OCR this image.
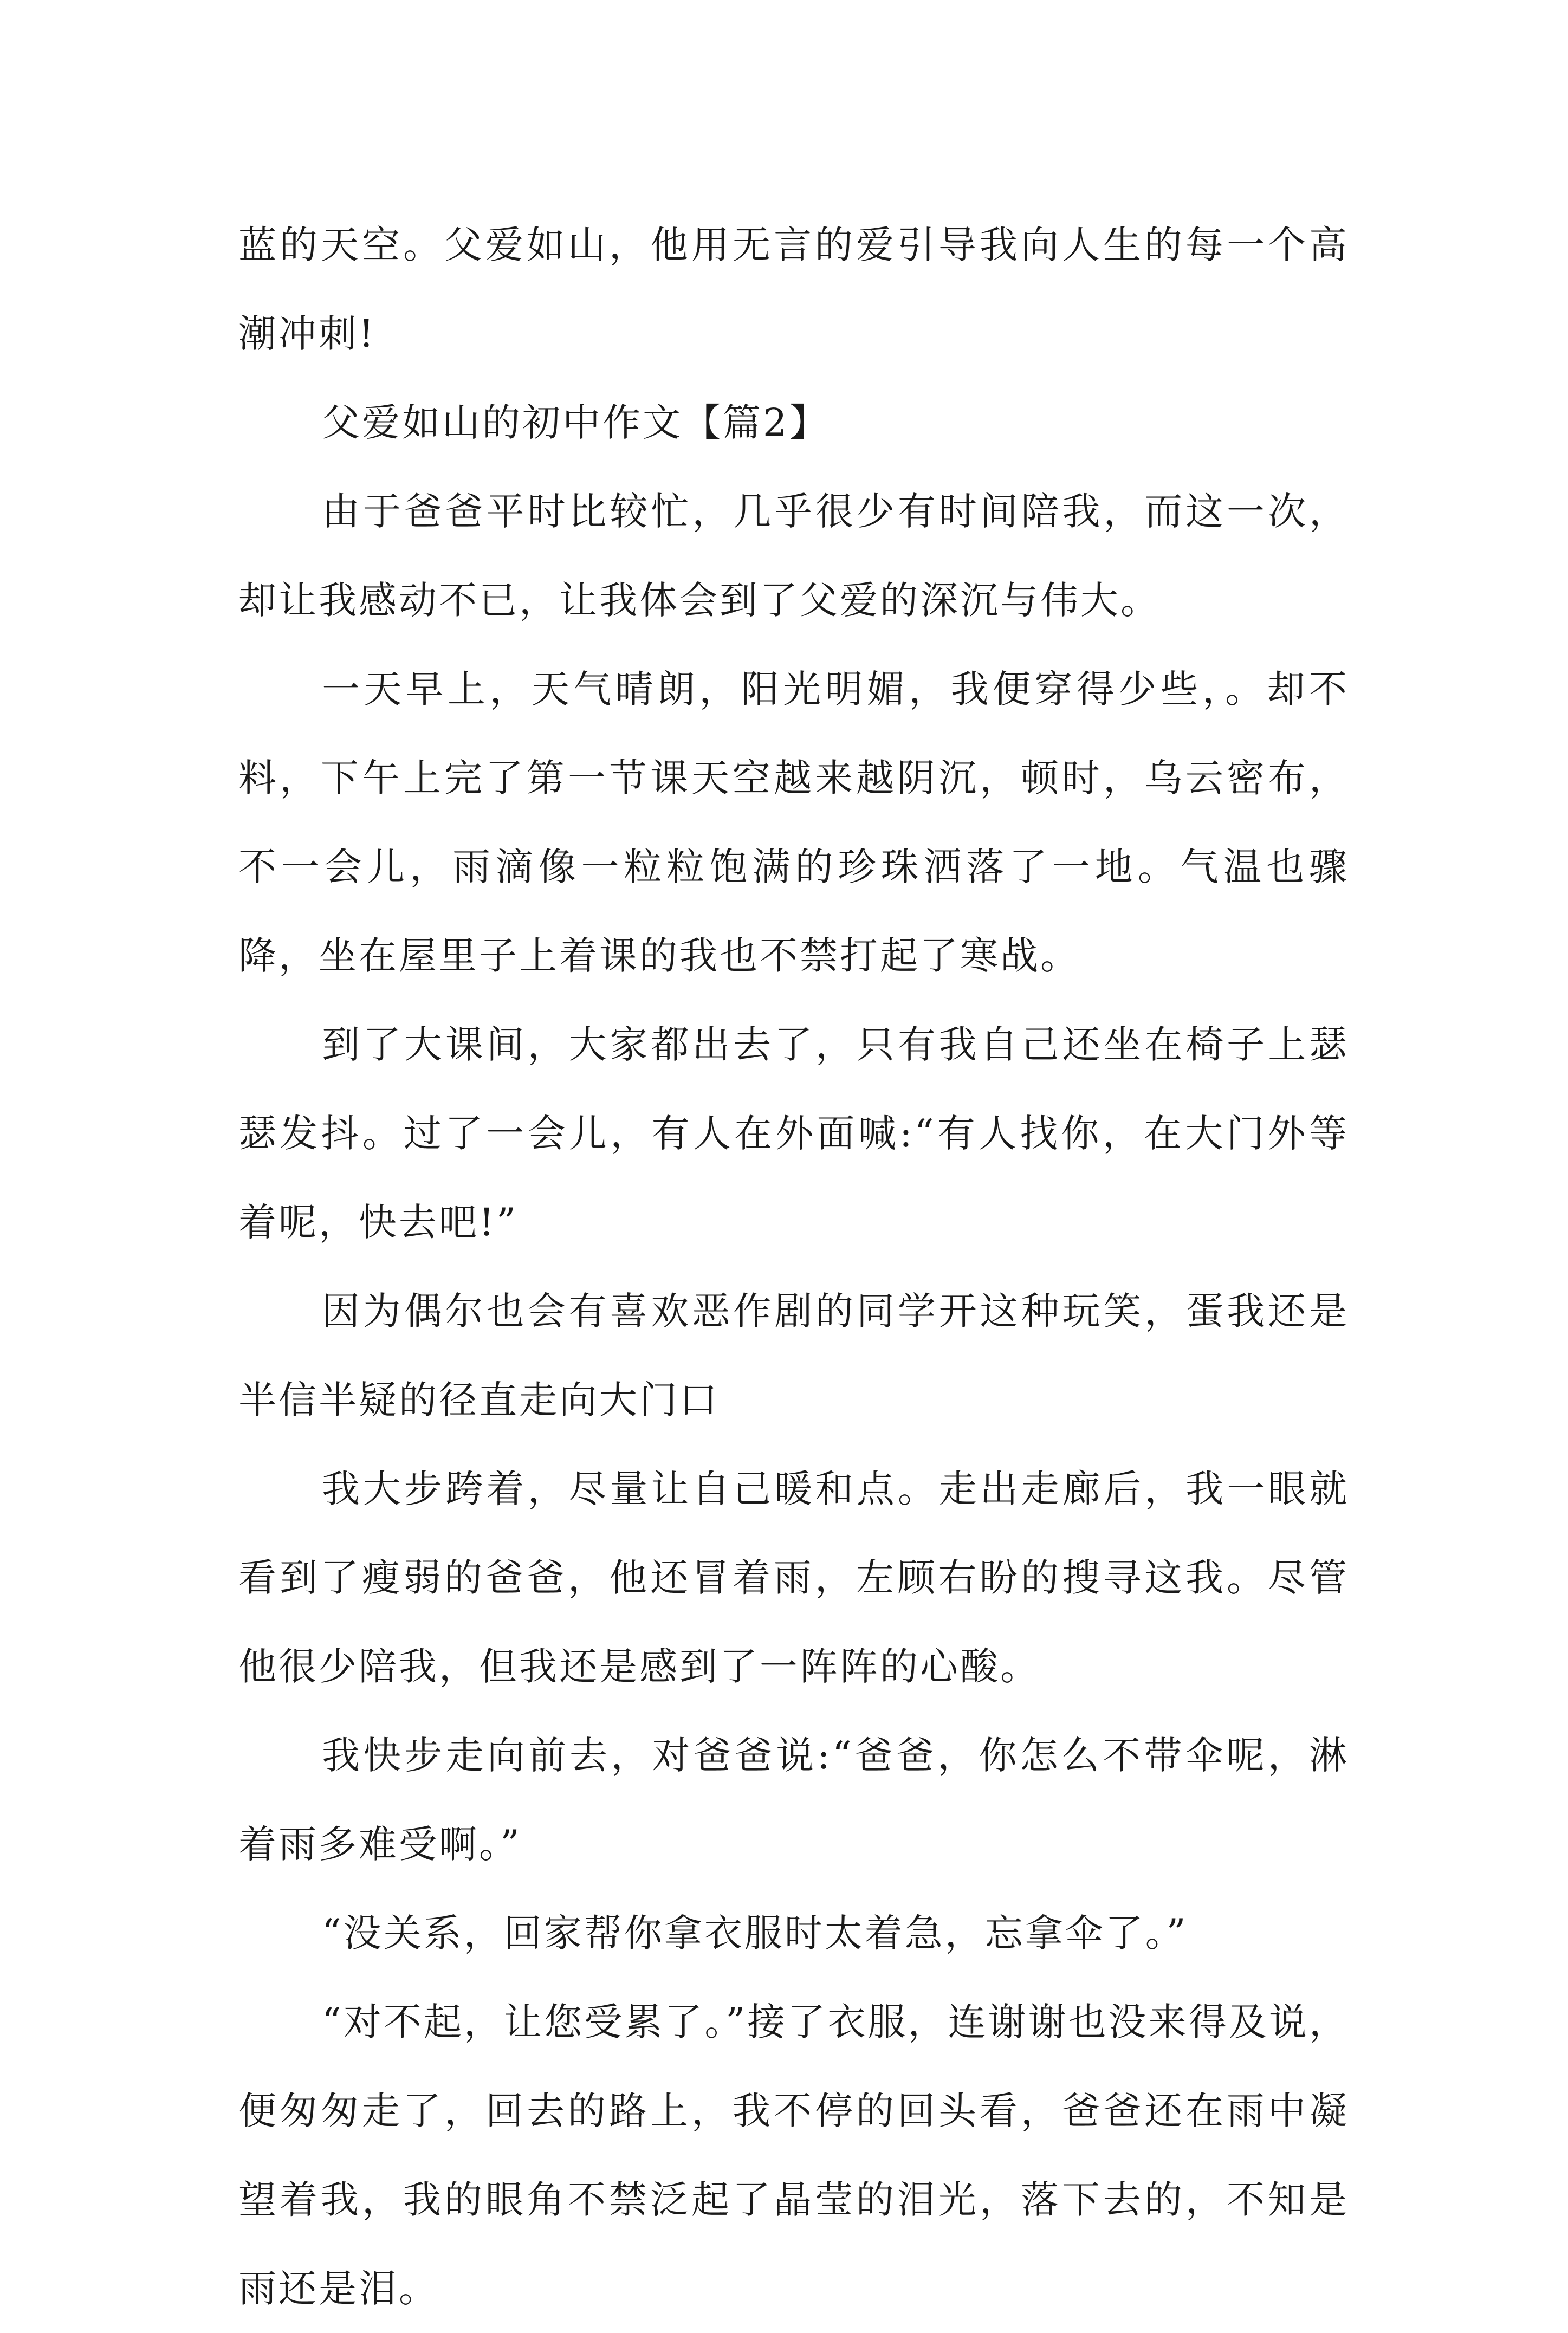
蓝的天空。父爱如山，他用无言的爱引导我向人生的每一个高潮冲刺!

父爱如山的初中作文【篇2】

由于爸爸平时比较忙，几乎很少有时间陪我，而这一次，却让我感动不已，让我体会到了父爱的深沉与伟大。

一天早上，天气晴朗，阳光明媚，我便穿得少些，。却不料，下午上完了第一节课天空越来越阴沉，顿时，乌云密布，不一会儿，雨滴像一粒粒饱满的珍珠洒落了一地。气温也骤降，坐在屋里子上着课的我也不禁打起了寒战。

到了大课间，大家都出去了，只有我自己还坐在椅子上瑟瑟发抖。过了一会儿，有人在外面喊:“有人找你，在大门外等着呢，快去吧!”

因为偶尔也会有喜欢恶作剧的同学开这种玩笑，蛋我还是半信半疑的径直走向大门口

我大步跨着，尽量让自己暖和点。走出走廊后，我一眼就看到了瘦弱的爸爸，他还冒着雨，左顾右盼的搜寻这我。尽管他很少陪我，但我还是感到了一阵阵的心酸。

我快步走向前去，对爸爸说:“爸爸，你怎么不带伞呢，淋着雨多难受啊。”

“没关系，回家帮你拿衣服时太着急，忘拿伞了。”

“对不起，让您受累了。”接了衣服，连谢谢也没来得及说，便匆匆走了，回去的路上，我不停的回头看，爸爸还在雨中凝望着我，我的眼角不禁泛起了晶莹的泪光，落下去的，不知是雨还是泪。
